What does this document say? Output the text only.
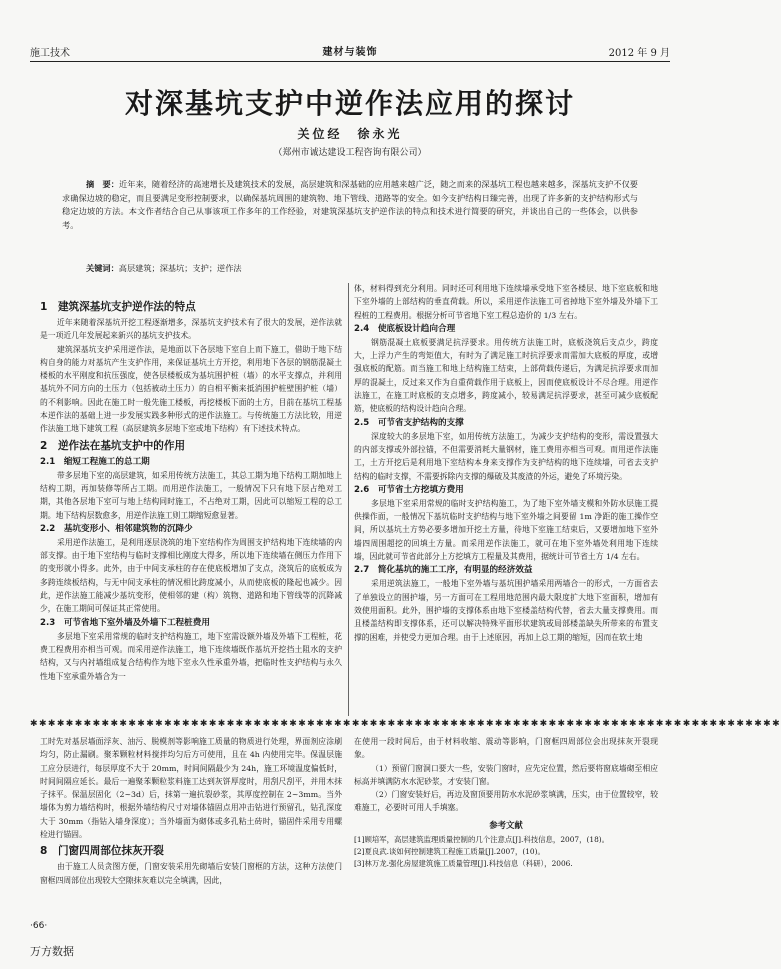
施工技术	建材与装饰	2012 年 9 月
对深基坑支护中逆作法应用的探讨
关位经　徐永光
（郑州市诚达建设工程咨询有限公司）
摘　要：近年来，随着经济的高速增长及建筑技术的发展，高层建筑和深基础的应用越来越广泛，随之而来的深基坑工程也越来越多，深基坑支护不仅要求确保边坡的稳定，而且要满足变形控制要求，以确保基坑周围的建筑物、地下管线、道路等的安全。如今支护结构日臻完善，出现了许多新的支护结构形式与稳定边坡的方法。本文作者结合自己从事该项工作多年的工作经验，对建筑深基坑支护逆作法的特点和技术进行简要的研究，并谈出自己的一些体会，以供参考。
关键词：高层建筑；深基坑；支护；逆作法
1　建筑深基坑支护逆作法的特点

近年来随着深基坑开挖工程逐渐增多，深基坑支护技术有了很大的发展，逆作法就是一项近几年发展起来新兴的基坑支护技术。

建筑深基坑支护采用逆作法，是地面以下各层地下室自上而下施工，借助于地下结构自身的能力对基坑产生支护作用，来保证基坑土方开挖，利用地下各层的钢筋混凝土楼板的水平刚度和抗压强度，使各层楼板成为基坑围护桩（墙）的水平支撑点，并利用基坑外不同方向的土压力（包括被动土压力）的自相平衡来抵消围护桩壁围护桩（墙）的不利影响。因此在施工时一般先施工楼板，再挖楼板下面的土方，目前在基坑工程基本逆作法的基础上进一步发展实践多种形式的逆作法施工。与传统施工方法比较，用逆作法施工地下建筑工程（高层建筑多层地下室或地下结构）有下述技术特点。

2　逆作法在基坑支护中的作用
2.1　缩短工程施工的总工期

带多层地下室的高层建筑，如采用传统方法施工，其总工期为地下结构工期加地上结构工期，再加装修等所占工期。而用逆作法施工，一般情况下只有地下层占绝对工期，其他各层地下室可与地上结构同时施工，不占绝对工期，因此可以缩短工程的总工期。地下结构层数愈多，用逆作法施工则工期缩短愈显著。

2.2　基坑变形小、相邻建筑物的沉降少

采用逆作法施工，是利用逐层浇筑的地下室结构作为周围支护结构地下连续墙的内部支撑。由于地下室结构与临时支撑相比刚度大得多，所以地下连续墙在侧压力作用下的变形就小得多。此外，由于中间支承柱的存在使底板增加了支点，浇筑后的底板成为多跨连续板结构，与无中间支承柱的情况相比跨度减小，从而使底板的隆起也减少。因此，逆作法施工能减少基坑变形，使相邻的建（构）筑物、道路和地下管线等的沉降减少，在施工期间可保证其正常使用。

2.3　可节省地下室外墙及外墙下工程桩费用

多层地下室采用常规的临时支护结构施工，地下室需设额外墙及外墙下工程桩，花费工程费用亦相当可观。而采用逆作法施工，地下连续墙既作基坑开挖挡土阻水的支护结构，又与内衬墙组成复合结构作为地下室永久性承重外墙，把临时性支护结构与永久性地下室承重外墙合为一

体，材料得到充分利用。同时还可利用地下连续墙承受地下室各楼层、地下室底板和地下室外墙的上部结构的垂直荷载。所以，采用逆作法施工可省掉地下室外墙及外墙下工程桩的工程费用。根据分析可节省地下室工程总造价的 1/3 左右。

2.4　使底板设计趋向合理

钢筋混凝土底板要满足抗浮要求。用传统方法施工时，底板浇筑后支点少，跨度大，上浮力产生的弯矩值大，有时为了满足施工时抗浮要求而需加大底板的厚度，或增强底板的配筋。而当施工和地上结构施工结束，上部荷载传递后，为满足抗浮要求而加厚的混凝土，反过来又作为自重荷载作用于底板上，因而使底板设计不尽合理。用逆作法施工，在施工时底板的支点增多，跨度减小，较易满足抗浮要求，甚至可减少底板配筋，使底板的结构设计趋向合理。

2.5　可节省支护结构的支撑

深度较大的多层地下室，如用传统方法施工，为减少支护结构的变形，需设置强大的内部支撑或外部拉锚，不但需要消耗大量钢材，施工费用亦相当可观。而用逆作法施工，土方开挖后是利用地下室结构本身来支撑作为支护结构的地下连续墙，可省去支护结构的临时支撑，不需要拆除内支撑的爆破及其废渣的外运，避免了环境污染。

2.6　可节省土方挖填方费用

多层地下室采用常规的临时支护结构施工，为了地下室外墙支模和外防水层施工提供操作面，一般情况下基坑临时支护结构与地下室外墙之间要留 1m 净距的施工操作空间，所以基坑土方势必要多增加开挖土方量，待地下室施工结束后，又要增加地下室外墙四周围超挖的回填土方量。而采用逆作法施工，就可在地下室外墙处利用地下连续墙，因此就可节省此部分上方挖填方工程量及其费用，据统计可节省土方 1/4 左右。

2.7　简化基坑的施工工序，有明显的经济效益

采用逆筑法施工，一般地下室外墙与基坑围护墙采用两墙合一的形式，一方面省去了单独设立的围护墙，另一方面可在工程用地范围内最大限度扩大地下室面积，增加有效使用面积。此外，围护墙的支撑体系由地下室楼盖结构代替，省去大量支撑费用。而且楼盖结构即支撑体系，还可以解决特殊平面形状建筑或局部楼盖缺失所带来的布置支撑的困难，并使受力更加合理。由于上述原因，再加上总工期的缩短，因而在软土地

✱✱✱✱✱✱✱✱✱✱✱✱✱✱✱✱✱✱✱✱✱✱✱✱✱✱✱✱✱✱✱✱✱✱✱✱✱✱✱✱✱✱✱✱✱✱✱✱✱✱✱✱✱✱✱✱✱✱✱✱✱✱✱✱✱✱✱✱✱✱✱✱✱✱✱✱✱✱✱✱✱✱✱✱

工时先对基层墙面浮灰、油污、脱模剂等影响施工质量的物质进行处理，界面剂应涂刷均匀，防止漏刷。聚苯颗粒材料搅拌均匀后方可使用，且在 4h 内使用完毕。保温层施工应分层进行，每层厚度不大于 20mm，时间间隔最少为 24h，施工环境温度偏低时，时间间隔应延长。最后一遍聚苯颗粒浆料施工达到灰饼厚度时，用刮尺刮平，并用木抹子抹平。保温层固化（2~3d）后，抹第一遍抗裂砂浆，其厚度控制在 2~3mm。当外墙体为剪力墙结构时，根据外墙结构尺寸对墙体锚固点用冲击钻进行预留孔，钻孔深度大于 30mm（指钻入墙身深度）；当外墙面为砌体或多孔粘土砖时，锚固件采用专用螺栓进行锚固。

8　门窗四周部位抹灰开裂

由于施工人员贪图方便，门窗安装采用先砌墙后安装门窗框的方法，这种方法使门窗框四周部位出现较大空隙抹灰难以完全填满，因此，

在使用一段时间后，由于材料收缩、震动等影响，门窗框四周部位会出现抹灰开裂现象。

（1）预留门窗洞口要大一些，安装门窗时，应先定位置，然后要将窗底墙砌至相应标高并填满防水水泥砂浆，才安装门窗。

（2）门窗安装好后，再边及窗顶要用防水水泥砂浆填满，压实，由于位置较窄，较难施工，必要时可用人手填塞。

参考文献

[1]顾培军，高层建筑监理质量控制的几个注意点[J].科技信息，2007，(18)。

[2]夏良武.谈如何控制建筑工程施工质量[J].2007，(10)。

[3]林万龙.强化房屋建筑施工质量管理[J].科技信息（科研），2006.

·66·
万方数据
